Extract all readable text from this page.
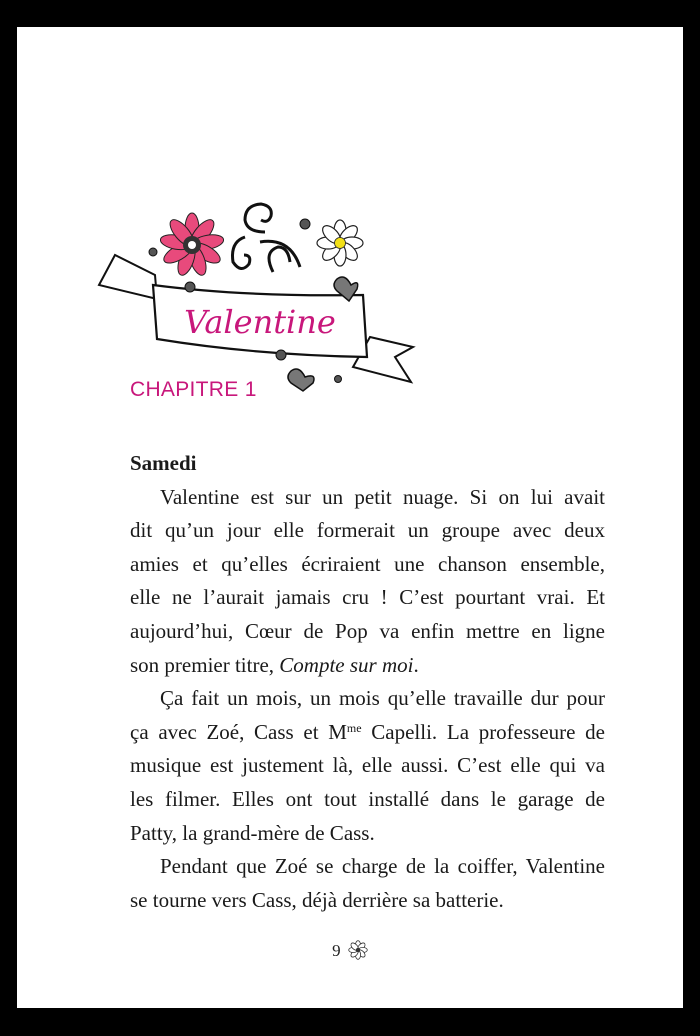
Valentine
CHAPITRE 1
Samedi
Valentine est sur un petit nuage. Si on lui avait
dit qu’un jour elle formerait un groupe avec deux
amies et qu’elles écriraient une chanson ensemble,
elle ne l’aurait jamais cru ! C’est pourtant vrai. Et
aujourd’hui, Cœur de Pop va enfin mettre en ligne
son premier titre, Compte sur moi.
Ça fait un mois, un mois qu’elle travaille dur pour
ça avec Zoé, Cass et $M^{me}$ Capelli. La professeure de
musique est justement là, elle aussi. C’est elle qui va
les filmer. Elles ont tout installé dans le garage de
Patty, la grand-mère de Cass.
Pendant que Zoé se charge de la coiffer, Valentine
se tourne vers Cass, déjà derrière sa batterie.
9
